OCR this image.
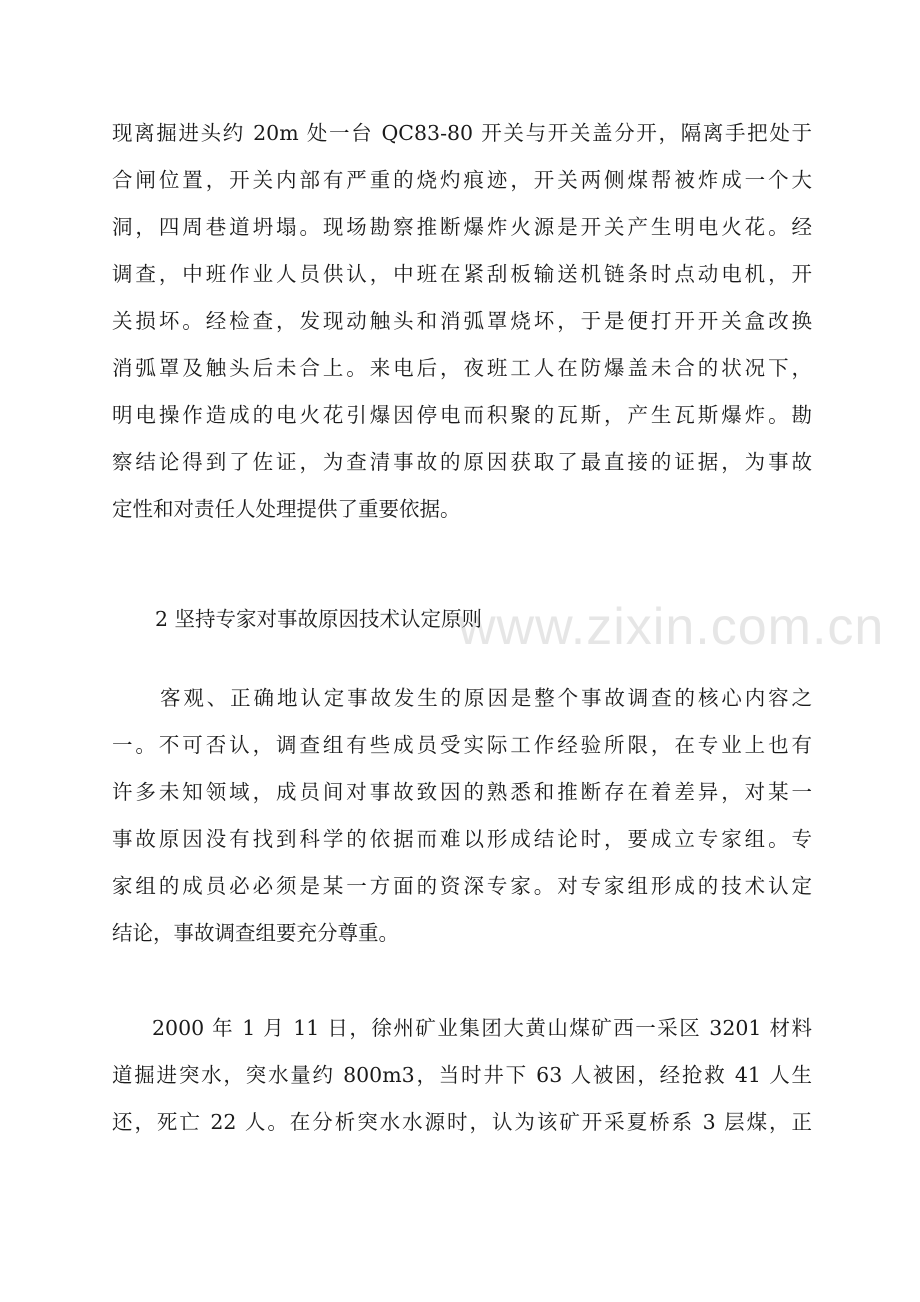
现离掘进头约 20m 处一台 QC83-80 开关与开关盖分开，隔离手把处于
合闸位置，开关内部有严重的烧灼痕迹，开关两侧煤帮被炸成一个大
洞，四周巷道坍塌。现场勘察推断爆炸火源是开关产生明电火花。经
调查，中班作业人员供认，中班在紧刮板输送机链条时点动电机，开
关损坏。经检查，发现动触头和消弧罩烧坏，于是便打开开关盒改换
消弧罩及触头后未合上。来电后，夜班工人在防爆盖未合的状况下，
明电操作造成的电火花引爆因停电而积聚的瓦斯，产生瓦斯爆炸。勘
察结论得到了佐证，为查清事故的原因获取了最直接的证据，为事故
定性和对责任人处理提供了重要依据。
www.zixin.com.cn
2 坚持专家对事故原因技术认定原则
客观、正确地认定事故发生的原因是整个事故调查的核心内容之
一。不可否认，调查组有些成员受实际工作经验所限，在专业上也有
许多未知领域，成员间对事故致因的熟悉和推断存在着差异，对某一
事故原因没有找到科学的依据而难以形成结论时，要成立专家组。专
家组的成员必必须是某一方面的资深专家。对专家组形成的技术认定
结论，事故调查组要充分尊重。
2000 年 1 月 11 日，徐州矿业集团大黄山煤矿西一采区 3201 材料
道掘进突水，突水量约 800m3，当时井下 63 人被困，经抢救 41 人生
还，死亡 22 人。在分析突水水源时，认为该矿开采夏桥系 3 层煤，正
